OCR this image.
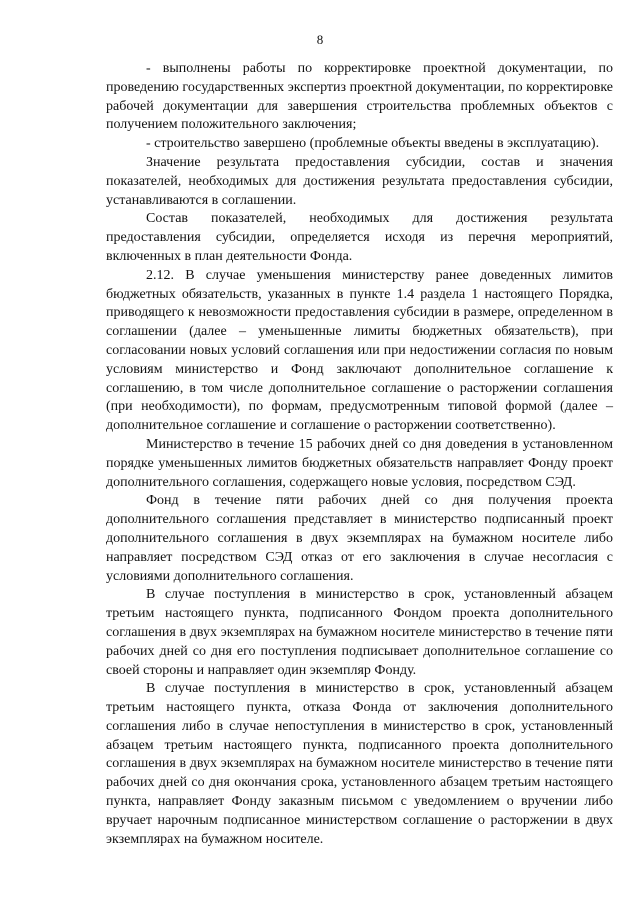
8

- выполнены работы по корректировке проектной документации, по проведению государственных экспертиз проектной документации, по корректировке рабочей документации для завершения строительства проблемных объектов с получением положительного заключения;

- строительство завершено (проблемные объекты введены в эксплуатацию).

Значение результата предоставления субсидии, состав и значения показателей, необходимых для достижения результата предоставления субсидии, устанавливаются в соглашении.

Состав показателей, необходимых для достижения результата предоставления субсидии, определяется исходя из перечня мероприятий, включенных в план деятельности Фонда.

2.12. В случае уменьшения министерству ранее доведенных лимитов бюджетных обязательств, указанных в пункте 1.4 раздела 1 настоящего Порядка, приводящего к невозможности предоставления субсидии в размере, определенном в соглашении (далее – уменьшенные лимиты бюджетных обязательств), при согласовании новых условий соглашения или при недостижении согласия по новым условиям министерство и Фонд заключают дополнительное соглашение к соглашению, в том числе дополнительное соглашение о расторжении соглашения (при необходимости), по формам, предусмотренным типовой формой (далее – дополнительное соглашение и соглашение о расторжении соответственно).

Министерство в течение 15 рабочих дней со дня доведения в установленном порядке уменьшенных лимитов бюджетных обязательств направляет Фонду проект дополнительного соглашения, содержащего новые условия, посредством СЭД.

Фонд в течение пяти рабочих дней со дня получения проекта дополнительного соглашения представляет в министерство подписанный проект дополнительного соглашения в двух экземплярах на бумажном носителе либо направляет посредством СЭД отказ от его заключения в случае несогласия с условиями дополнительного соглашения.

В случае поступления в министерство в срок, установленный абзацем третьим настоящего пункта, подписанного Фондом проекта дополнительного соглашения в двух экземплярах на бумажном носителе министерство в течение пяти рабочих дней со дня его поступления подписывает дополнительное соглашение со своей стороны и направляет один экземпляр Фонду.

В случае поступления в министерство в срок, установленный абзацем третьим настоящего пункта, отказа Фонда от заключения дополнительного соглашения либо в случае непоступления в министерство в срок, установленный абзацем третьим настоящего пункта, подписанного проекта дополнительного соглашения в двух экземплярах на бумажном носителе министерство в течение пяти рабочих дней со дня окончания срока, установленного абзацем третьим настоящего пункта, направляет Фонду заказным письмом с уведомлением о вручении либо вручает нарочным подписанное министерством соглашение о расторжении в двух экземплярах на бумажном носителе.
